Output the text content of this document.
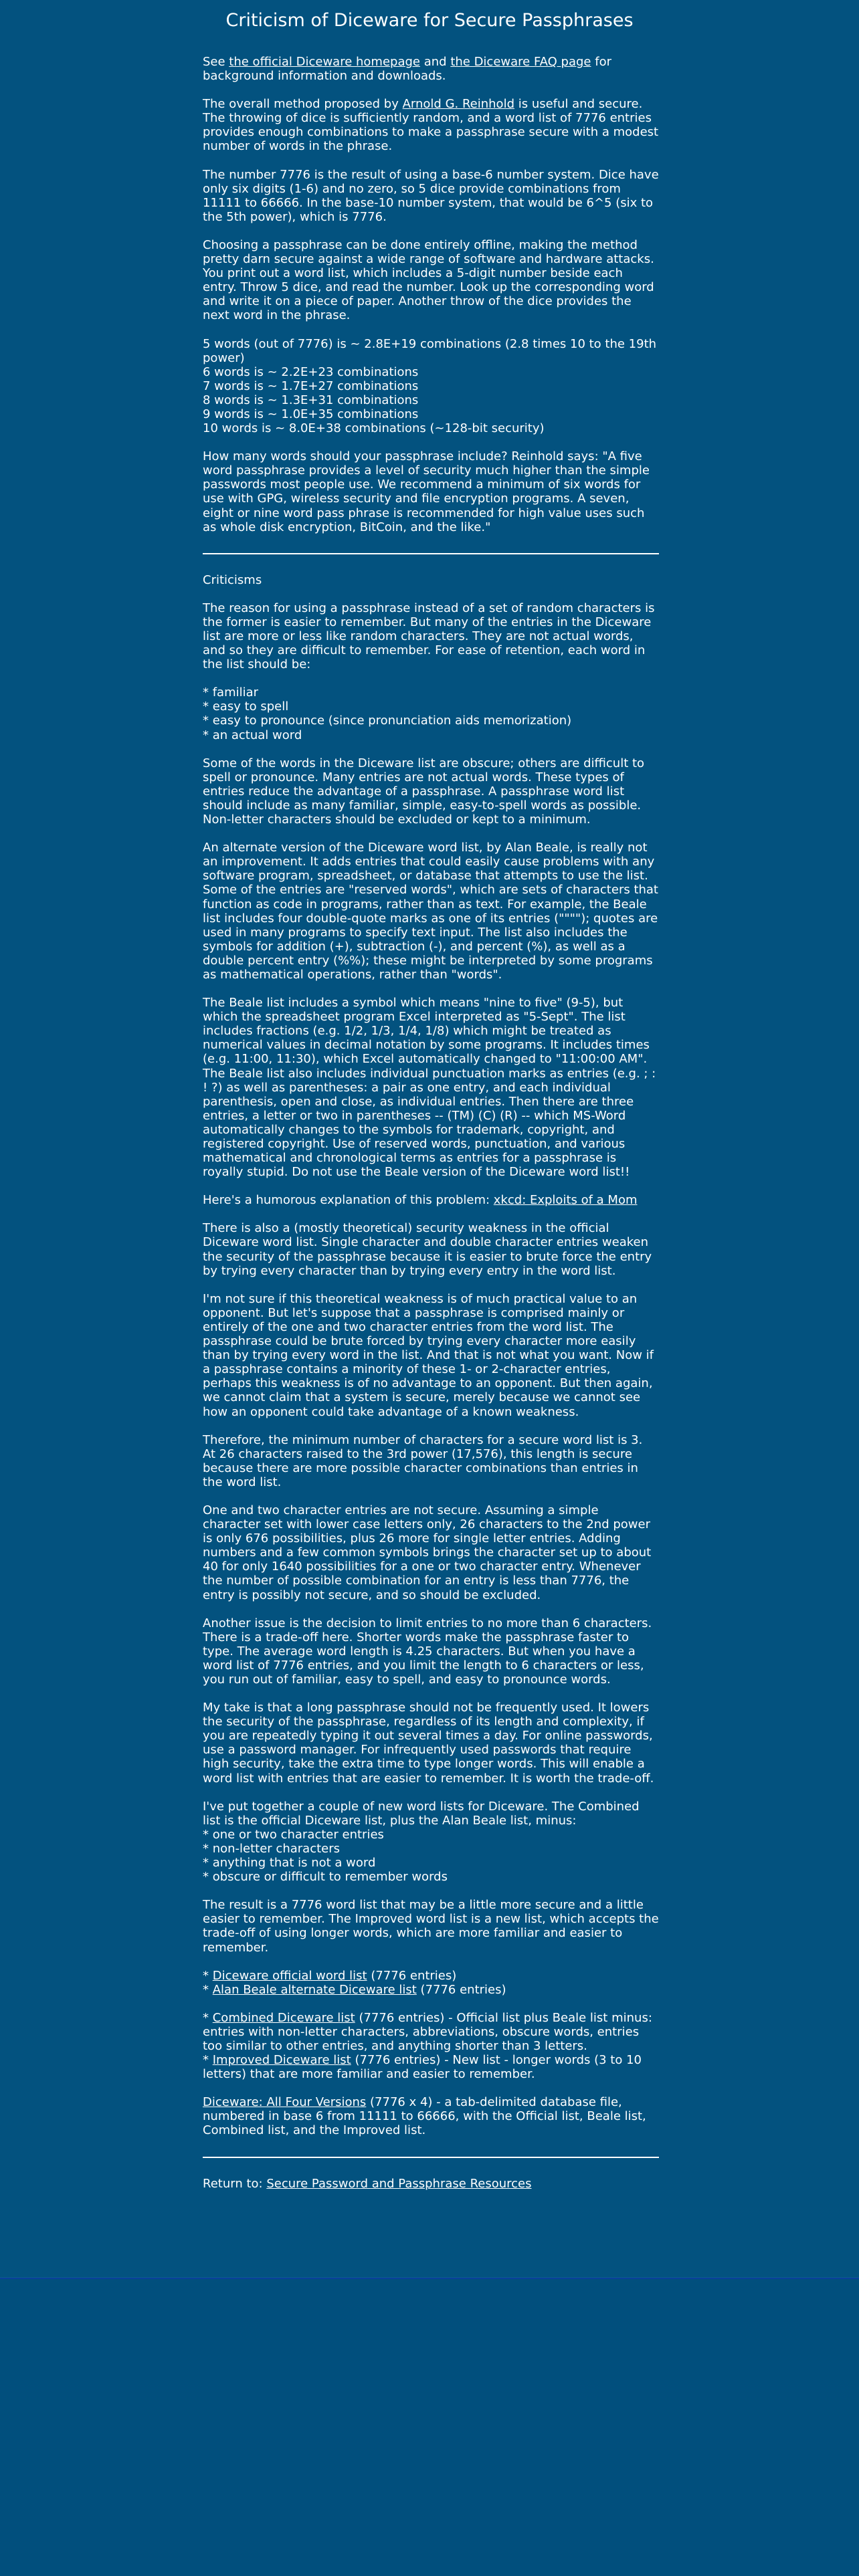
Criticism of Diceware for Secure Passphrases

See the official Diceware homepage and the Diceware FAQ page for background information and downloads.

The overall method proposed by Arnold G. Reinhold is useful and secure. The throwing of dice is sufficiently random, and a word list of 7776 entries provides enough combinations to make a passphrase secure with a modest number of words in the phrase.

The number 7776 is the result of using a base-6 number system. Dice have only six digits (1-6) and no zero, so 5 dice provide combinations from 11111 to 66666. In the base-10 number system, that would be 6^5 (six to the 5th power), which is 7776.

Choosing a passphrase can be done entirely offline, making the method pretty darn secure against a wide range of software and hardware attacks. You print out a word list, which includes a 5-digit number beside each entry. Throw 5 dice, and read the number. Look up the corresponding word and write it on a piece of paper. Another throw of the dice provides the next word in the phrase.

5 words (out of 7776) is ~ 2.8E+19 combinations (2.8 times 10 to the 19th power)
6 words is ~ 2.2E+23 combinations
7 words is ~ 1.7E+27 combinations
8 words is ~ 1.3E+31 combinations
9 words is ~ 1.0E+35 combinations
10 words is ~ 8.0E+38 combinations (~128-bit security)

How many words should your passphrase include? Reinhold says: "A five word passphrase provides a level of security much higher than the simple passwords most people use. We recommend a minimum of six words for use with GPG, wireless security and file encryption programs. A seven, eight or nine word pass phrase is recommended for high value uses such as whole disk encryption, BitCoin, and the like."

Criticisms

The reason for using a passphrase instead of a set of random characters is the former is easier to remember. But many of the entries in the Diceware list are more or less like random characters. They are not actual words, and so they are difficult to remember. For ease of retention, each word in the list should be:

* familiar
* easy to spell
* easy to pronounce (since pronunciation aids memorization)
* an actual word

Some of the words in the Diceware list are obscure; others are difficult to spell or pronounce. Many entries are not actual words. These types of entries reduce the advantage of a passphrase. A passphrase word list should include as many familiar, simple, easy-to-spell words as possible. Non-letter characters should be excluded or kept to a minimum.

An alternate version of the Diceware word list, by Alan Beale, is really not an improvement. It adds entries that could easily cause problems with any software program, spreadsheet, or database that attempts to use the list. Some of the entries are "reserved words", which are sets of characters that function as code in programs, rather than as text. For example, the Beale list includes four double-quote marks as one of its entries (""""); quotes are used in many programs to specify text input. The list also includes the symbols for addition (+), subtraction (-), and percent (%), as well as a double percent entry (%%); these might be interpreted by some programs as mathematical operations, rather than "words".

The Beale list includes a symbol which means "nine to five" (9-5), but which the spreadsheet program Excel interpreted as "5-Sept". The list includes fractions (e.g. 1/2, 1/3, 1/4, 1/8) which might be treated as numerical values in decimal notation by some programs. It includes times (e.g. 11:00, 11:30), which Excel automatically changed to "11:00:00 AM". The Beale list also includes individual punctuation marks as entries (e.g. ; : ! ?) as well as parentheses: a pair as one entry, and each individual parenthesis, open and close, as individual entries. Then there are three entries, a letter or two in parentheses -- (TM) (C) (R) -- which MS-Word automatically changes to the symbols for trademark, copyright, and registered copyright. Use of reserved words, punctuation, and various mathematical and chronological terms as entries for a passphrase is royally stupid. Do not use the Beale version of the Diceware word list!!

Here's a humorous explanation of this problem: xkcd: Exploits of a Mom

There is also a (mostly theoretical) security weakness in the official Diceware word list. Single character and double character entries weaken the security of the passphrase because it is easier to brute force the entry by trying every character than by trying every entry in the word list.

I'm not sure if this theoretical weakness is of much practical value to an opponent. But let's suppose that a passphrase is comprised mainly or entirely of the one and two character entries from the word list. The passphrase could be brute forced by trying every character more easily than by trying every word in the list. And that is not what you want. Now if a passphrase contains a minority of these 1- or 2-character entries, perhaps this weakness is of no advantage to an opponent. But then again, we cannot claim that a system is secure, merely because we cannot see how an opponent could take advantage of a known weakness.

Therefore, the minimum number of characters for a secure word list is 3. At 26 characters raised to the 3rd power (17,576), this length is secure because there are more possible character combinations than entries in the word list.

One and two character entries are not secure. Assuming a simple character set with lower case letters only, 26 characters to the 2nd power is only 676 possibilities, plus 26 more for single letter entries. Adding numbers and a few common symbols brings the character set up to about 40 for only 1640 possibilities for a one or two character entry. Whenever the number of possible combination for an entry is less than 7776, the entry is possibly not secure, and so should be excluded.

Another issue is the decision to limit entries to no more than 6 characters. There is a trade-off here. Shorter words make the passphrase faster to type. The average word length is 4.25 characters. But when you have a word list of 7776 entries, and you limit the length to 6 characters or less, you run out of familiar, easy to spell, and easy to pronounce words.

My take is that a long passphrase should not be frequently used. It lowers the security of the passphrase, regardless of its length and complexity, if you are repeatedly typing it out several times a day. For online passwords, use a password manager. For infrequently used passwords that require high security, take the extra time to type longer words. This will enable a word list with entries that are easier to remember. It is worth the trade-off.

I've put together a couple of new word lists for Diceware. The Combined list is the official Diceware list, plus the Alan Beale list, minus:
* one or two character entries
* non-letter characters
* anything that is not a word
* obscure or difficult to remember words

The result is a 7776 word list that may be a little more secure and a little easier to remember. The Improved word list is a new list, which accepts the trade-off of using longer words, which are more familiar and easier to remember.

* Diceware official word list (7776 entries)
* Alan Beale alternate Diceware list (7776 entries)

* Combined Diceware list (7776 entries) - Official list plus Beale list minus: entries with non-letter characters, abbreviations, obscure words, entries too similar to other entries, and anything shorter than 3 letters.
* Improved Diceware list (7776 entries) - New list - longer words (3 to 10 letters) that are more familiar and easier to remember.

Diceware: All Four Versions (7776 x 4) - a tab-delimited database file, numbered in base 6 from 11111 to 66666, with the Official list, Beale list, Combined list, and the Improved list.

Return to: Secure Password and Passphrase Resources
